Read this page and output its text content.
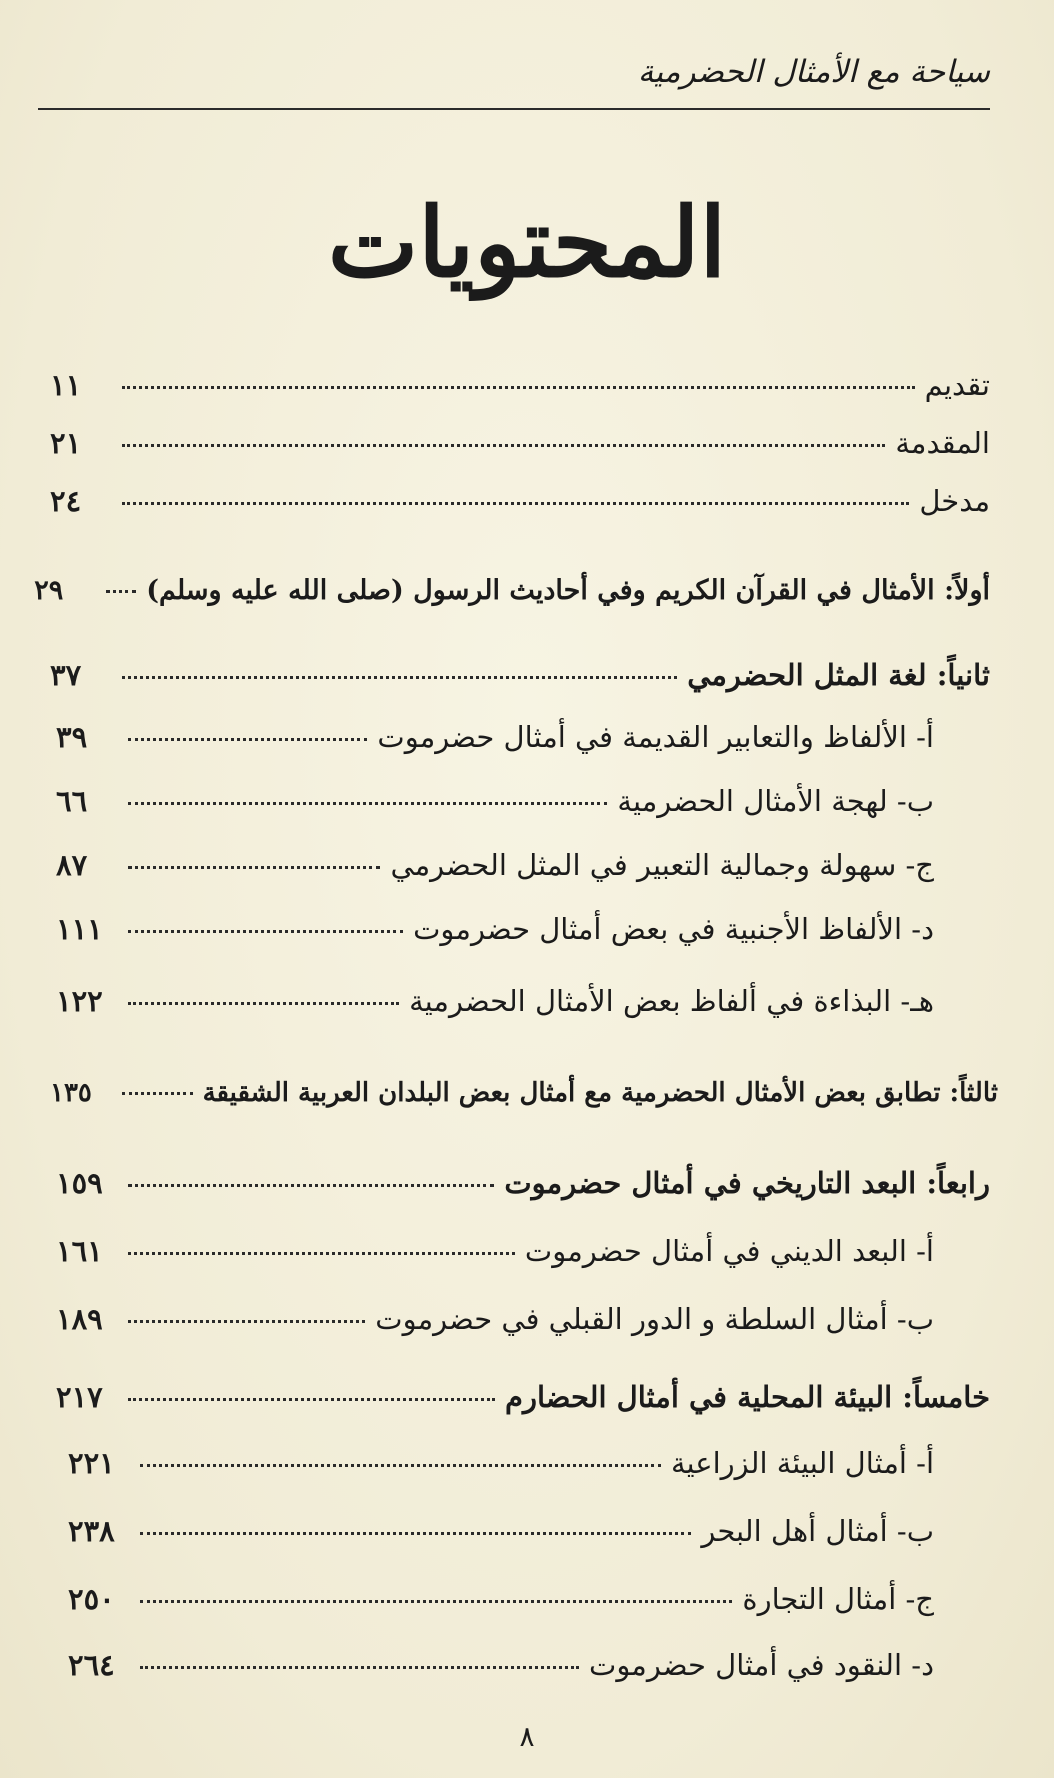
سياحة مع الأمثال الحضرمية
المحتويات
تقديم
١١
المقدمة
٢١
مدخل
٢٤
أولاً: الأمثال في القرآن الكريم وفي أحاديث الرسول (صلى الله عليه وسلم)
٢٩
ثانياً: لغة المثل الحضرمي
٣٧
أ- الألفاظ والتعابير القديمة في أمثال حضرموت
٣٩
ب- لهجة الأمثال الحضرمية
٦٦
ج- سهولة وجمالية التعبير في المثل الحضرمي
٨٧
د- الألفاظ الأجنبية في بعض أمثال حضرموت
١١١
هـ- البذاءة في ألفاظ بعض الأمثال الحضرمية
١٢٢
ثالثاً: تطابق بعض الأمثال الحضرمية مع أمثال بعض البلدان العربية الشقيقة
١٣٥
رابعاً: البعد التاريخي في أمثال حضرموت
١٥٩
أ- البعد الديني في أمثال حضرموت
١٦١
ب- أمثال السلطة و الدور القبلي في حضرموت
١٨٩
خامساً: البيئة المحلية في أمثال الحضارم
٢١٧
أ- أمثال البيئة الزراعية
٢٢١
ب- أمثال أهل البحر
٢٣٨
ج- أمثال التجارة
٢٥٠
د- النقود في أمثال حضرموت
٢٦٤
٨
